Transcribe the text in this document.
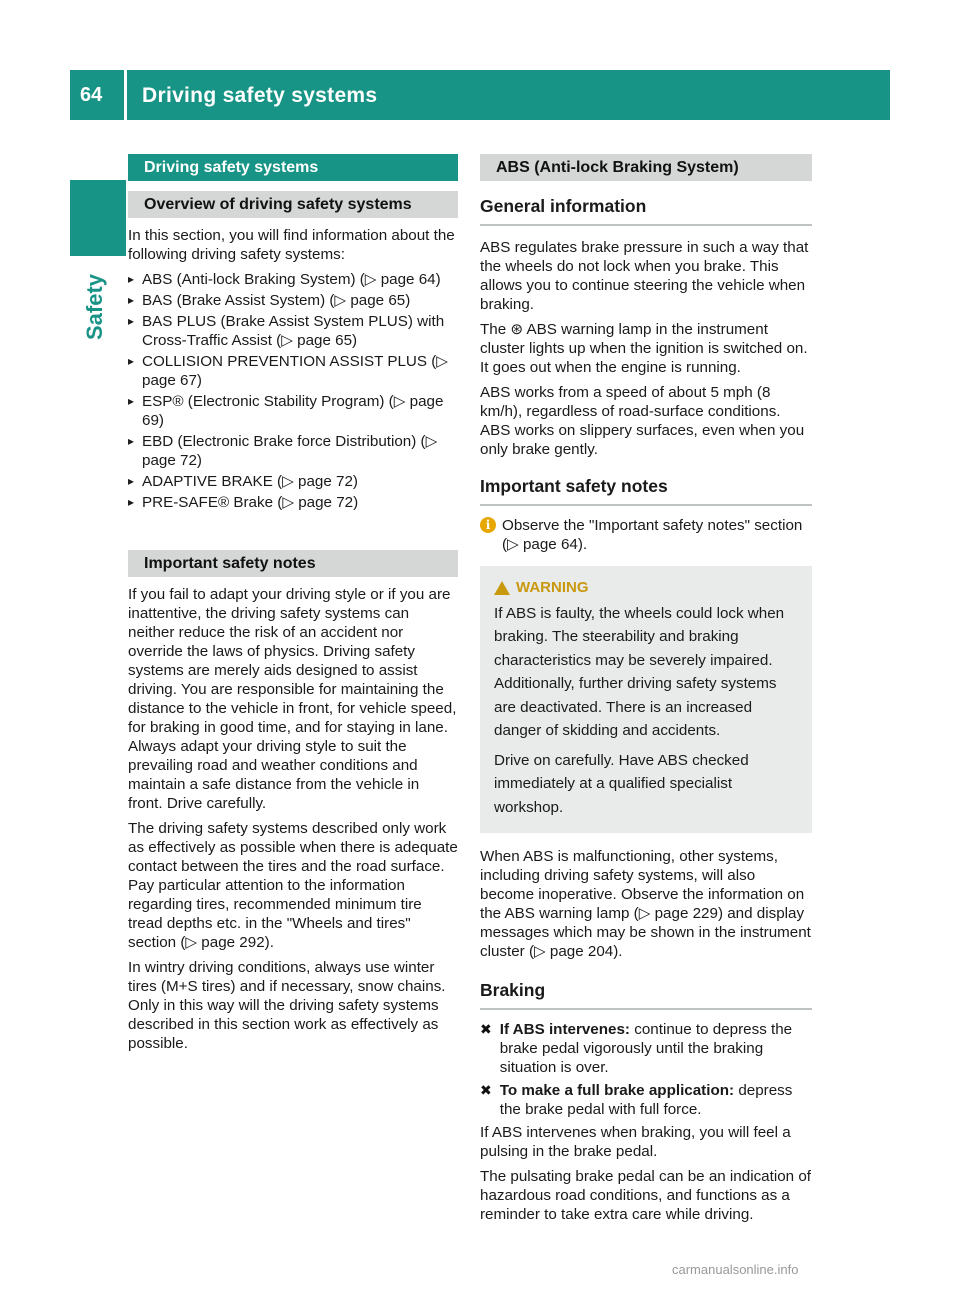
64 Driving safety systems
Safety
Driving safety systems
Overview of driving safety systems

In this section, you will find information about the following driving safety systems:

▸ ABS (Anti-lock Braking System) (▷ page 64)
▸ BAS (Brake Assist System) (▷ page 65)
▸ BAS PLUS (Brake Assist System PLUS) with Cross-Traffic Assist (▷ page 65)
▸ COLLISION PREVENTION ASSIST PLUS (▷ page 67)
▸ ESP® (Electronic Stability Program) (▷ page 69)
▸ EBD (Electronic Brake force Distribution) (▷ page 72)
▸ ADAPTIVE BRAKE (▷ page 72)
▸ PRE-SAFE® Brake (▷ page 72)
Important safety notes

If you fail to adapt your driving style or if you are inattentive, the driving safety systems can neither reduce the risk of an accident nor override the laws of physics. Driving safety systems are merely aids designed to assist driving. You are responsible for maintaining the distance to the vehicle in front, for vehicle speed, for braking in good time, and for staying in lane. Always adapt your driving style to suit the prevailing road and weather conditions and maintain a safe distance from the vehicle in front. Drive carefully.

The driving safety systems described only work as effectively as possible when there is adequate contact between the tires and the road surface. Pay particular attention to the information regarding tires, recommended minimum tire tread depths etc. in the "Wheels and tires" section (▷ page 292).

In wintry driving conditions, always use winter tires (M+S tires) and if necessary, snow chains. Only in this way will the driving safety systems described in this section work as effectively as possible.

ABS (Anti-lock Braking System)
General information

ABS regulates brake pressure in such a way that the wheels do not lock when you brake. This allows you to continue steering the vehicle when braking.

The ⊛ ABS warning lamp in the instrument cluster lights up when the ignition is switched on. It goes out when the engine is running.

ABS works from a speed of about 5 mph (8 km/h), regardless of road-surface conditions. ABS works on slippery surfaces, even when you only brake gently.

Important safety notes
i Observe the "Important safety notes" section (▷ page 64).
WARNING

If ABS is faulty, the wheels could lock when braking. The steerability and braking characteristics may be severely impaired. Additionally, further driving safety systems are deactivated. There is an increased danger of skidding and accidents.

Drive on carefully. Have ABS checked immediately at a qualified specialist workshop.

When ABS is malfunctioning, other systems, including driving safety systems, will also become inoperative. Observe the information on the ABS warning lamp (▷ page 229) and display messages which may be shown in the instrument cluster (▷ page 204).

Braking
✖ If ABS intervenes: continue to depress the brake pedal vigorously until the braking situation is over.
✖ To make a full brake application: depress the brake pedal with full force.

If ABS intervenes when braking, you will feel a pulsing in the brake pedal.

The pulsating brake pedal can be an indication of hazardous road conditions, and functions as a reminder to take extra care while driving.

carmanualsonline.info
